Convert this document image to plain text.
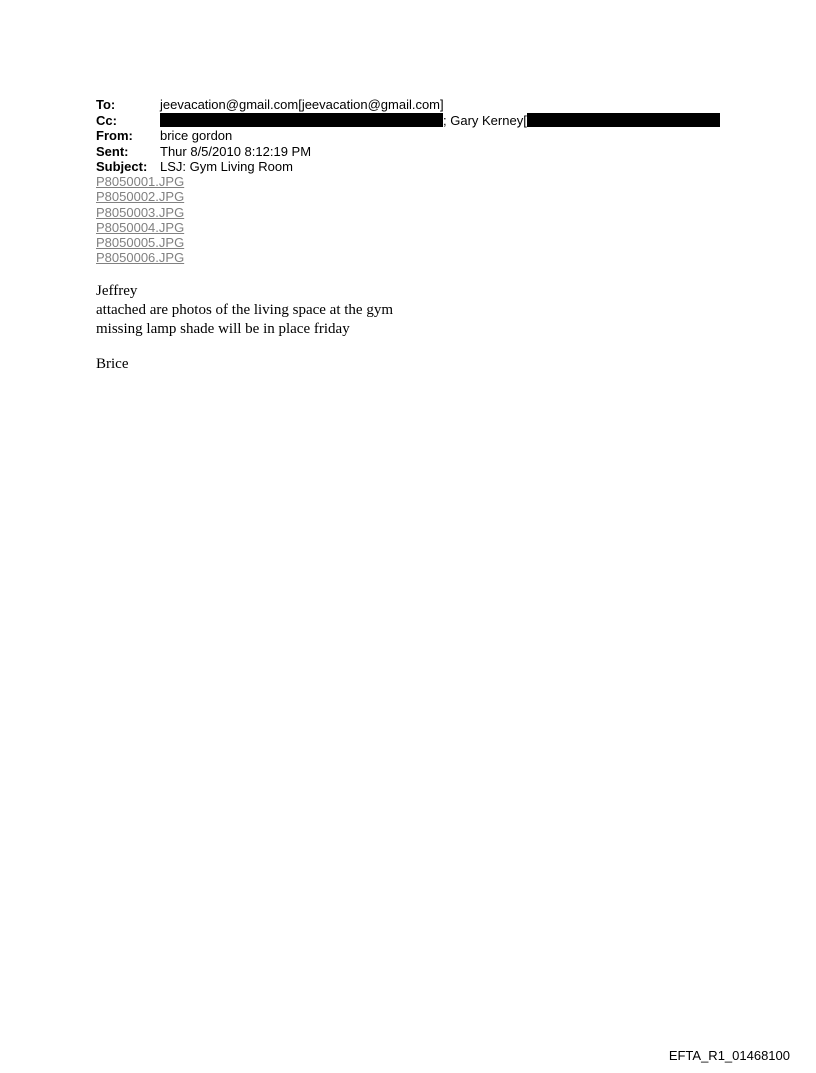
To:	jeevacation@gmail.com[jeevacation@gmail.com]
Cc:	; Gary Kerney[
From:	brice gordon
Sent:	Thur 8/5/2010 8:12:19 PM
Subject: LSJ: Gym Living Room
P8050001.JPG
P8050002.JPG
P8050003.JPG
P8050004.JPG
P8050005.JPG
P8050006.JPG

Jeffrey

attached are photos of the living space at the gym

missing lamp shade will be in place friday

Brice
EFTA_R1_01468100
